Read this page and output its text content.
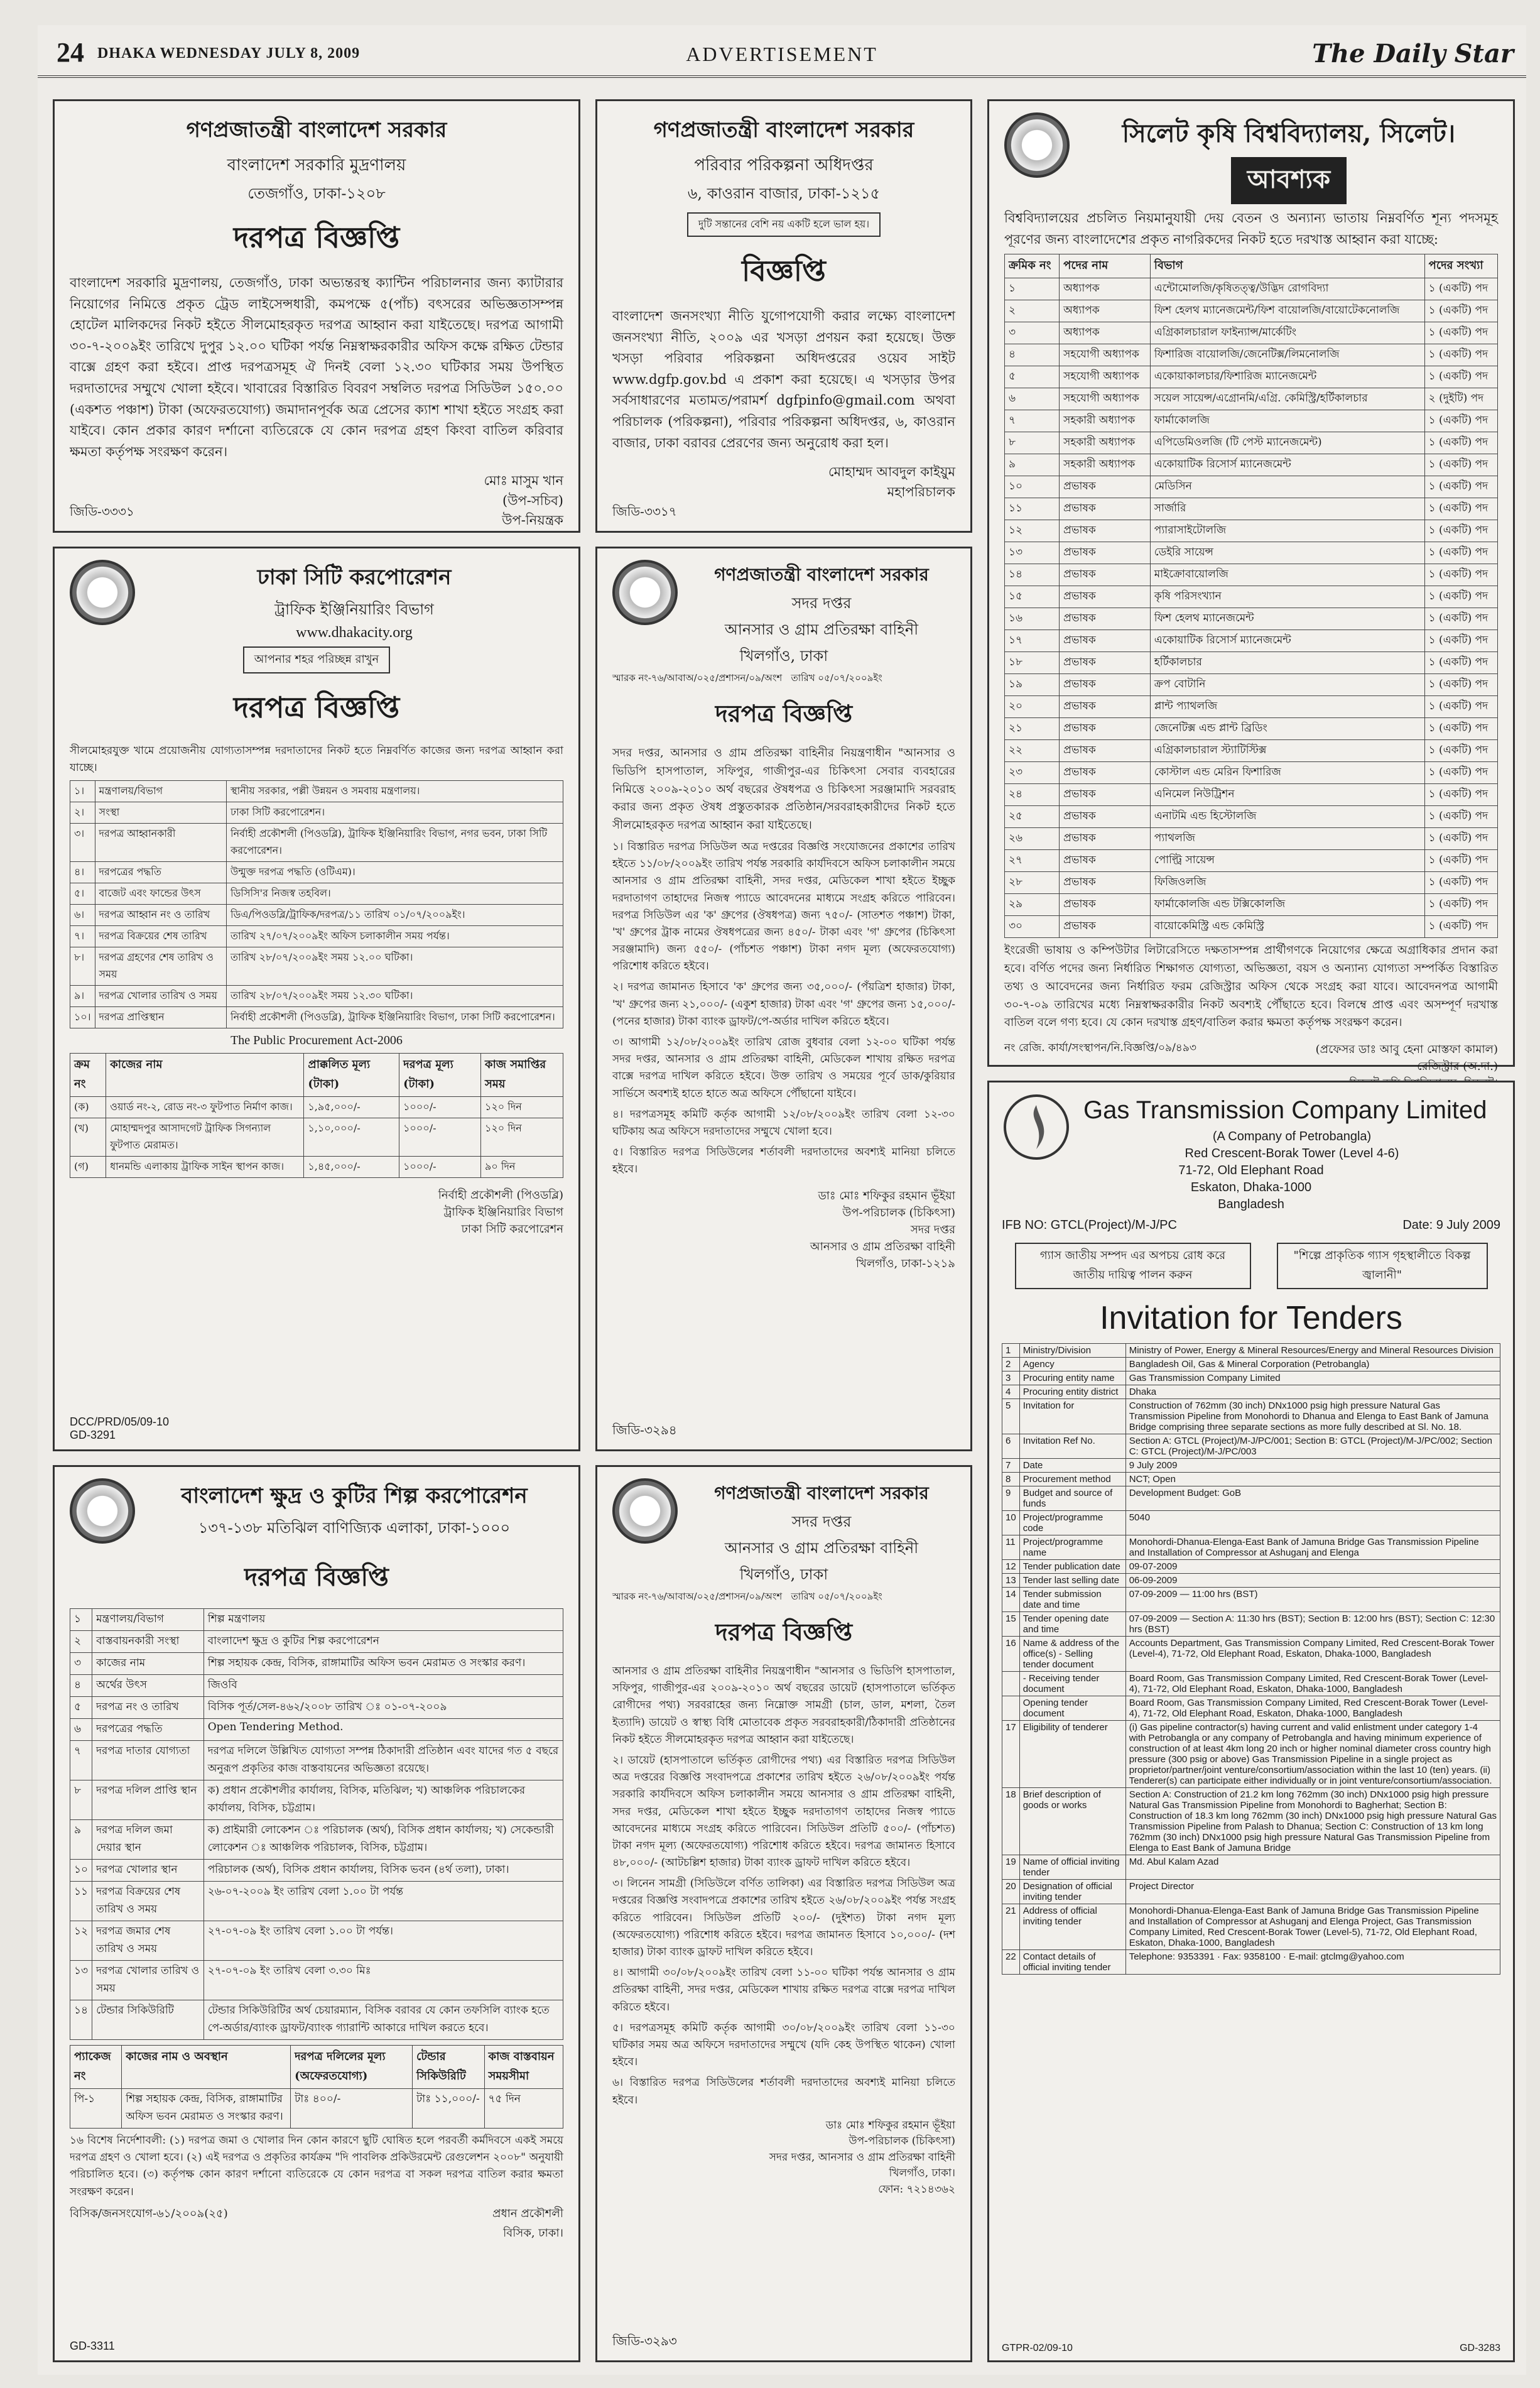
24 DHAKA WEDNESDAY JULY 8, 2009	ADVERTISEMENT	The Daily Star
গণপ্রজাতন্ত্রী বাংলাদেশ সরকার
বাংলাদেশ সরকারি মুদ্রণালয়
তেজগাঁও, ঢাকা-১২০৮
দরপত্র বিজ্ঞপ্তি

বাংলাদেশ সরকারি মুদ্রণালয়, তেজগাঁও, ঢাকা অভ্যন্তরস্থ ক্যান্টিন পরিচালনার জন্য ক্যাটারার নিয়োগের নিমিত্তে প্রকৃত ট্রেড লাইসেন্সধারী, কমপক্ষে ৫(পাঁচ) বৎসরের অভিজ্ঞতাসম্পন্ন হোটেল মালিকদের নিকট হইতে সীলমোহরকৃত দরপত্র আহ্বান করা যাইতেছে। দরপত্র আগামী ৩০-৭-২০০৯ইং তারিখে দুপুর ১২.০০ ঘটিকা পর্যন্ত নিম্নস্বাক্ষরকারীর অফিস কক্ষে রক্ষিত টেন্ডার বাক্সে গ্রহণ করা হইবে। প্রাপ্ত দরপত্রসমূহ ঐ দিনই বেলা ১২.৩০ ঘটিকার সময় উপস্থিত দরদাতাদের সম্মুখে খোলা হইবে। খাবারের বিস্তারিত বিবরণ সম্বলিত দরপত্র সিডিউল ১৫০.০০ (একশত পঞ্চাশ) টাকা (অফেরতযোগ্য) জমাদানপূর্বক অত্র প্রেসের ক্যাশ শাখা হইতে সংগ্রহ করা যাইবে। কোন প্রকার কারণ দর্শানো ব্যতিরেকে যে কোন দরপত্র গ্রহণ কিংবা বাতিল করিবার ক্ষমতা কর্তৃপক্ষ সংরক্ষণ করেন।

মোঃ মাসুম খান
(উপ-সচিব)
উপ-নিয়ন্ত্রক
জিডি-৩৩৩১
গণপ্রজাতন্ত্রী বাংলাদেশ সরকার
পরিবার পরিকল্পনা অধিদপ্তর
৬, কাওরান বাজার, ঢাকা-১২১৫
দুটি সন্তানের বেশি নয় একটি হলে ভাল হয়।
বিজ্ঞপ্তি

বাংলাদেশ জনসংখ্যা নীতি যুগোপযোগী করার লক্ষ্যে বাংলাদেশ জনসংখ্যা নীতি, ২০০৯ এর খসড়া প্রণয়ন করা হয়েছে। উক্ত খসড়া পরিবার পরিকল্পনা অধিদপ্তরের ওয়েব সাইট www.dgfp.gov.bd এ প্রকাশ করা হয়েছে। এ খসড়ার উপর সর্বসাধারণের মতামত/পরামর্শ dgfpinfo@gmail.com অথবা পরিচালক (পরিকল্পনা), পরিবার পরিকল্পনা অধিদপ্তর, ৬, কাওরান বাজার, ঢাকা বরাবর প্রেরণের জন্য অনুরোধ করা হল।

মোহাম্মদ আবদুল কাইয়ুম
মহাপরিচালক
জিডি-৩৩১৭
সিলেট কৃষি বিশ্ববিদ্যালয়, সিলেট।
আবশ্যক

বিশ্ববিদ্যালয়ের প্রচলিত নিয়মানুযায়ী দেয় বেতন ও অন্যান্য ভাতায় নিম্নবর্ণিত শূন্য পদসমূহ পূরণের জন্য বাংলাদেশের প্রকৃত নাগরিকদের নিকট হতে দরখাস্ত আহ্বান করা যাচ্ছে:

ক্রমিক নং	পদের নাম	বিভাগ	পদের সংখ্যা
১	অধ্যাপক	এন্টোমোলজি/কৃষিতত্ত্ব/উদ্ভিদ রোগবিদ্যা	১ (একটি) পদ
২	অধ্যাপক	ফিশ হেলথ ম্যানেজমেন্ট/ফিশ বায়োলজি/বায়োটেকনোলজি	১ (একটি) পদ
৩	অধ্যাপক	এগ্রিকালচারাল ফাইন্যান্স/মার্কেটিং	১ (একটি) পদ
৪	সহযোগী অধ্যাপক	ফিশারিজ বায়োলজি/জেনেটিক্স/লিমনোলজি	১ (একটি) পদ
৫	সহযোগী অধ্যাপক	একোয়াকালচার/ফিশারিজ ম্যানেজমেন্ট	১ (একটি) পদ
৬	সহযোগী অধ্যাপক	সয়েল সায়েন্স/এগ্রোনমি/এগ্রি. কেমিস্ট্রি/হর্টিকালচার	২ (দুইটি) পদ
৭	সহকারী অধ্যাপক	ফার্মাকোলজি	১ (একটি) পদ
৮	সহকারী অধ্যাপক	এপিডেমিওলজি (টি পেস্ট ম্যানেজমেন্ট)	১ (একটি) পদ
৯	সহকারী অধ্যাপক	একোয়াটিক রিসোর্স ম্যানেজমেন্ট	১ (একটি) পদ
১০	প্রভাষক	মেডিসিন	১ (একটি) পদ
১১	প্রভাষক	সার্জারি	১ (একটি) পদ
১২	প্রভাষক	প্যারাসাইটোলজি	১ (একটি) পদ
১৩	প্রভাষক	ডেইরি সায়েন্স	১ (একটি) পদ
১৪	প্রভাষক	মাইক্রোবায়োলজি	১ (একটি) পদ
১৫	প্রভাষক	কৃষি পরিসংখ্যান	১ (একটি) পদ
১৬	প্রভাষক	ফিশ হেলথ ম্যানেজমেন্ট	১ (একটি) পদ
১৭	প্রভাষক	একোয়াটিক রিসোর্স ম্যানেজমেন্ট	১ (একটি) পদ
১৮	প্রভাষক	হর্টিকালচার	১ (একটি) পদ
১৯	প্রভাষক	ক্রপ বোটানি	১ (একটি) পদ
২০	প্রভাষক	প্লান্ট প্যাথলজি	১ (একটি) পদ
২১	প্রভাষক	জেনেটিক্স এন্ড প্লান্ট ব্রিডিং	১ (একটি) পদ
২২	প্রভাষক	এগ্রিকালচারাল স্ট্যাটিস্টিক্স	১ (একটি) পদ
২৩	প্রভাষক	কোস্টাল এন্ড মেরিন ফিশারিজ	১ (একটি) পদ
২৪	প্রভাষক	এনিমেল নিউট্রিশন	১ (একটি) পদ
২৫	প্রভাষক	এনাটমি এন্ড হিস্টোলজি	১ (একটি) পদ
২৬	প্রভাষক	প্যাথলজি	১ (একটি) পদ
২৭	প্রভাষক	পোল্ট্রি সায়েন্স	১ (একটি) পদ
২৮	প্রভাষক	ফিজিওলজি	১ (একটি) পদ
২৯	প্রভাষক	ফার্মাকোলজি এন্ড টক্সিকোলজি	১ (একটি) পদ
৩০	প্রভাষক	বায়োকেমিস্ট্রি এন্ড কেমিস্ট্রি	১ (একটি) পদ

ইংরেজী ভাষায় ও কম্পিউটার লিটারেসিতে দক্ষতাসম্পন্ন প্রার্থীগণকে নিয়োগের ক্ষেত্রে অগ্রাধিকার প্রদান করা হবে। বর্ণিত পদের জন্য নির্ধারিত শিক্ষাগত যোগ্যতা, অভিজ্ঞতা, বয়স ও অন্যান্য যোগ্যতা সম্পর্কিত বিস্তারিত তথ্য ও আবেদনের জন্য নির্ধারিত ফরম রেজিস্ট্রার অফিস থেকে সংগ্রহ করা যাবে। আবেদনপত্র আগামী ৩০-৭-০৯ তারিখের মধ্যে নিম্নস্বাক্ষরকারীর নিকট অবশ্যই পৌঁছাতে হবে। বিলম্বে প্রাপ্ত এবং অসম্পূর্ণ দরখাস্ত বাতিল বলে গণ্য হবে। যে কোন দরখাস্ত গ্রহণ/বাতিল করার ক্ষমতা কর্তৃপক্ষ সংরক্ষণ করেন।

(প্রফেসর ডাঃ আবু হেনা মোস্তফা কামাল)
রেজিস্ট্রার (অ.দা.)
নং রেজি. কার্যা/সংস্থাপন/নি.বিজ্ঞপ্তি/০৯/৪৯৩
ঢাকা সিটি করপোরেশন
ট্রাফিক ইঞ্জিনিয়ারিং বিভাগ
www.dhakacity.org
আপনার শহর পরিচ্ছন্ন রাখুন
দরপত্র বিজ্ঞপ্তি

সীলমোহরযুক্ত খামে প্রয়োজনীয় যোগ্যতাসম্পন্ন দরদাতাদের নিকট হতে নিম্নবর্ণিত কাজের জন্য দরপত্র আহ্বান করা যাচ্ছে।

১।	মন্ত্রণালয়/বিভাগ	স্থানীয় সরকার, পল্লী উন্নয়ন ও সমবায় মন্ত্রণালয়।
২।	সংস্থা	ঢাকা সিটি করপোরেশন।
৩।	দরপত্র আহ্বানকারী	নির্বাহী প্রকৌশলী (পিওডব্লি), ট্রাফিক ইঞ্জিনিয়ারিং বিভাগ, নগর ভবন, ঢাকা সিটি করপোরেশন।
৪।	দরপত্রের পদ্ধতি	উন্মুক্ত দরপত্র পদ্ধতি (ওটিএম)।
৫।	বাজেট এবং ফান্ডের উৎস	ডিসিসি'র নিজস্ব তহবিল।
৬।	দরপত্র আহ্বান নং ও তারিখ	ডিএ/পিওডব্লি/ট্রাফিক/দরপত্র/১১ তারিখ ০১/০৭/২০০৯ইং।
৭।	দরপত্র বিক্রয়ের শেষ তারিখ	তারিখ ২৭/০৭/২০০৯ইং অফিস চলাকালীন সময় পর্যন্ত।
৮।	দরপত্র গ্রহণের শেষ তারিখ ও সময়	তারিখ ২৮/০৭/২০০৯ইং সময় ১২.০০ ঘটিকা।
৯।	দরপত্র খোলার তারিখ ও সময়	তারিখ ২৮/০৭/২০০৯ইং সময় ১২.৩০ ঘটিকা।
১০।	দরপত্র প্রাপ্তিস্থান	নির্বাহী প্রকৌশলী (পিওডব্লি), ট্রাফিক ইঞ্জিনিয়ারিং বিভাগ, ঢাকা সিটি করপোরেশন।
The Public Procurement Act-2006
ক্রম নং	কাজের নাম	প্রাক্কলিত মূল্য (টাকা)	দরপত্র মূল্য (টাকা)	কাজ সমাপ্তির সময়
(ক)	ওয়ার্ড নং-২, রোড নং-৩ ফুটপাত নির্মাণ কাজ।	১,৯৫,০০০/-	১০০০/-	১২০ দিন
(খ)	মোহাম্মদপুর আসাদগেট ট্রাফিক সিগন্যাল ফুটপাত মেরামত।	১,১০,০০০/-	১০০০/-	১২০ দিন
(গ)	ধানমন্ডি এলাকায় ট্রাফিক সাইন স্থাপন কাজ।	১,৪৫,০০০/-	১০০০/-	৯০ দিন
নির্বাহী প্রকৌশলী (পিওডব্লি)
ট্রাফিক ইঞ্জিনিয়ারিং বিভাগ
ঢাকা সিটি করপোরেশন
DCC/PRD/05/09-10
GD-3291
গণপ্রজাতন্ত্রী বাংলাদেশ সরকার
সদর দপ্তর
আনসার ও গ্রাম প্রতিরক্ষা বাহিনী
খিলগাঁও, ঢাকা
স্মারক নং-৭৬/আবাঅ/০২৫/প্রশাসন/০৯/অংশ তারিখ ০৫/০৭/২০০৯ইং
দরপত্র বিজ্ঞপ্তি

সদর দপ্তর, আনসার ও গ্রাম প্রতিরক্ষা বাহিনীর নিয়ন্ত্রণাধীন "আনসার ও ভিডিপি হাসপাতাল, সফিপুর, গাজীপুর-এর চিকিৎসা সেবার ব্যবহারের নিমিত্তে ২০০৯-২০১০ অর্থ বছরের ঔষধপত্র ও চিকিৎসা সরঞ্জামাদি সরবরাহ করার জন্য প্রকৃত ঔষধ প্রস্তুতকারক প্রতিষ্ঠান/সরবরাহকারীদের নিকট হতে সীলমোহরকৃত দরপত্র আহ্বান করা যাইতেছে।

১। বিস্তারিত দরপত্র সিডিউল অত্র দপ্তরের বিজ্ঞপ্তি সংযোজনের প্রকাশের তারিখ হইতে ১১/০৮/২০০৯ইং তারিখ পর্যন্ত সরকারি কার্যদিবসে অফিস চলাকালীন সময়ে আনসার ও গ্রাম প্রতিরক্ষা বাহিনী, সদর দপ্তর, মেডিকেল শাখা হইতে ইচ্ছুক দরদাতাগণ তাহাদের নিজস্ব প্যাডে আবেদনের মাধ্যমে সংগ্রহ করিতে পারিবেন। দরপত্র সিডিউল এর 'ক' গ্রুপের (ঔষধপত্র) জন্য ৭৫০/- (সাতশত পঞ্চাশ) টাকা, 'খ' গ্রুপের ট্রাক নামের ঔষধপত্রের জন্য ৪৫০/- টাকা এবং 'গ' গ্রুপের (চিকিৎসা সরঞ্জামাদি) জন্য ৫৫০/- (পাঁচশত পঞ্চাশ) টাকা নগদ মূল্য (অফেরতযোগ্য) পরিশোধ করিতে হইবে।

২। দরপত্র জামানত হিসাবে 'ক' গ্রুপের জন্য ৩৫,০০০/- (পঁয়ত্রিশ হাজার) টাকা, 'খ' গ্রুপের জন্য ২১,০০০/- (একুশ হাজার) টাকা এবং 'গ' গ্রুপের জন্য ১৫,০০০/- (পনের হাজার) টাকা ব্যাংক ড্রাফট/পে-অর্ডার দাখিল করিতে হইবে।

৩। আগামী ১২/০৮/২০০৯ইং তারিখ রোজ বুধবার বেলা ১২-০০ ঘটিকা পর্যন্ত সদর দপ্তর, আনসার ও গ্রাম প্রতিরক্ষা বাহিনী, মেডিকেল শাখায় রক্ষিত দরপত্র বাক্সে দরপত্র দাখিল করিতে হইবে। উক্ত তারিখ ও সময়ের পূর্বে ডাক/কুরিয়ার সার্ভিসে অবশ্যই হাতে হাতে অত্র অফিসে পৌঁছানো যাইবে।

৪। দরপত্রসমূহ কমিটি কর্তৃক আগামী ১২/০৮/২০০৯ইং তারিখ বেলা ১২-৩০ ঘটিকায় অত্র অফিসে দরদাতাদের সম্মুখে খোলা হবে।

৫। বিস্তারিত দরপত্র সিডিউলের শর্তাবলী দরদাতাদের অবশ্যই মানিয়া চলিতে হইবে।

ডাঃ মোঃ শফিকুর রহমান ভূঁইয়া
উপ-পরিচালক (চিকিৎসা)
সদর দপ্তর
আনসার ও গ্রাম প্রতিরক্ষা বাহিনী
খিলগাঁও, ঢাকা-১২১৯
জিডি-৩২৯৪
Gas Transmission Company Limited
(A Company of Petrobangla)
Red Crescent-Borak Tower (Level 4-6)
71-72, Old Elephant Road
Eskaton, Dhaka-1000
Bangladesh
IFB NO: GTCL(Project)/M-J/PC	Date: 9 July 2009
গ্যাস জাতীয় সম্পদ এর অপচয় রোধ করে জাতীয় দায়িত্ব পালন করুন
"শিল্পে প্রাকৃতিক গ্যাস গৃহস্থালীতে বিকল্প জ্বালানী"
Invitation for Tenders
1	Ministry/Division	Ministry of Power, Energy & Mineral Resources/Energy and Mineral Resources Division
2	Agency	Bangladesh Oil, Gas & Mineral Corporation (Petrobangla)
3	Procuring entity name	Gas Transmission Company Limited
4	Procuring entity district	Dhaka
5	Invitation for	Construction of 762mm (30 inch) DNx1000 psig high pressure Natural Gas Transmission Pipeline from Monohordi to Dhanua and Elenga to East Bank of Jamuna Bridge comprising three separate sections as more fully described at Sl. No. 18.
6	Invitation Ref No.	Section A: GTCL (Project)/M-J/PC/001; Section B: GTCL (Project)/M-J/PC/002; Section C: GTCL (Project)/M-J/PC/003
7	Date	9 July 2009
8	Procurement method	NCT; Open
9	Budget and source of funds	Development Budget: GoB
10	Project/programme code	5040
11	Project/programme name	Monohordi-Dhanua-Elenga-East Bank of Jamuna Bridge Gas Transmission Pipeline and Installation of Compressor at Ashuganj and Elenga
12	Tender publication date	09-07-2009
13	Tender last selling date	06-09-2009
14	Tender submission date and time	07-09-2009 — 11:00 hrs (BST)
15	Tender opening date and time	07-09-2009 — Section A: 11:30 hrs (BST); Section B: 12:00 hrs (BST); Section C: 12:30 hrs (BST)
16	Name & address of the office(s) - Selling tender document	Accounts Department, Gas Transmission Company Limited, Red Crescent-Borak Tower (Level-4), 71-72, Old Elephant Road, Eskaton, Dhaka-1000, Bangladesh
	- Receiving tender document	Board Room, Gas Transmission Company Limited, Red Crescent-Borak Tower (Level-4), 71-72, Old Elephant Road, Eskaton, Dhaka-1000, Bangladesh
	Opening tender document	Board Room, Gas Transmission Company Limited, Red Crescent-Borak Tower (Level-4), 71-72, Old Elephant Road, Eskaton, Dhaka-1000, Bangladesh
17	Eligibility of tenderer	(i) Gas pipeline contractor(s) having current and valid enlistment under category 1-4 with Petrobangla or any company of Petrobangla and having minimum experience of construction of at least 4km long 20 inch or higher nominal diameter cross country high pressure (300 psig or above) Gas Transmission Pipeline in a single project as proprietor/partner/joint venture/consortium/association within the last 10 (ten) years. (ii) Tenderer(s) can participate either individually or in joint venture/consortium/association.
18	Brief description of goods or works	Section A: Construction of 21.2 km long 762mm (30 inch) DNx1000 psig high pressure Natural Gas Transmission Pipeline from Monohordi to Bagherhat; Section B: Construction of 18.3 km long 762mm (30 inch) DNx1000 psig high pressure Natural Gas Transmission Pipeline from Palash to Dhanua; Section C: Construction of 13 km long 762mm (30 inch) DNx1000 psig high pressure Natural Gas Transmission Pipeline from Elenga to East Bank of Jamuna Bridge
19	Name of official inviting tender	Md. Abul Kalam Azad
20	Designation of official inviting tender	Project Director
21	Address of official inviting tender	Monohordi-Dhanua-Elenga-East Bank of Jamuna Bridge Gas Transmission Pipeline and Installation of Compressor at Ashuganj and Elenga Project, Gas Transmission Company Limited, Red Crescent-Borak Tower (Level-5), 71-72, Old Elephant Road, Eskaton, Dhaka-1000, Bangladesh
22	Contact details of official inviting tender	Telephone: 9353391 · Fax: 9358100 · E-mail: gtclmg@yahoo.com
GTPR-02/09-10	GD-3283
বাংলাদেশ ক্ষুদ্র ও কুটির শিল্প করপোরেশন
১৩৭-১৩৮ মতিঝিল বাণিজ্যিক এলাকা, ঢাকা-১০০০
দরপত্র বিজ্ঞপ্তি
১	মন্ত্রণালয়/বিভাগ	শিল্প মন্ত্রণালয়
২	বাস্তবায়নকারী সংস্থা	বাংলাদেশ ক্ষুদ্র ও কুটির শিল্প করপোরেশন
৩	কাজের নাম	শিল্প সহায়ক কেন্দ্র, বিসিক, রাঙ্গামাটির অফিস ভবন মেরামত ও সংস্কার করণ।
৪	অর্থের উৎস	জিওবি
৫	দরপত্র নং ও তারিখ	বিসিক পূর্ত/সেল-৪৬২/২০০৮ তারিখ ঃ ০১-০৭-২০০৯
৬	দরপত্রের পদ্ধতি	Open Tendering Method.
৭	দরপত্র দাতার যোগ্যতা	দরপত্র দলিলে উল্লিখিত যোগ্যতা সম্পন্ন ঠিকাদারী প্রতিষ্ঠান এবং যাদের গত ৫ বছরে অনুরূপ প্রকৃতির কাজ বাস্তবায়নের অভিজ্ঞতা রয়েছে।
৮	দরপত্র দলিল প্রাপ্তি স্থান	ক) প্রধান প্রকৌশলীর কার্যালয়, বিসিক, মতিঝিল; খ) আঞ্চলিক পরিচালকের কার্যালয়, বিসিক, চট্টগ্রাম।
৯	দরপত্র দলিল জমা দেয়ার স্থান	ক) প্রাইমারী লোকেশন ঃ পরিচালক (অর্থ), বিসিক প্রধান কার্যালয়; খ) সেকেন্ডারী লোকেশন ঃ আঞ্চলিক পরিচালক, বিসিক, চট্টগ্রাম।
১০	দরপত্র খোলার স্থান	পরিচালক (অর্থ), বিসিক প্রধান কার্যালয়, বিসিক ভবন (৪র্থ তলা), ঢাকা।
১১	দরপত্র বিক্রয়ের শেষ তারিখ ও সময়	২৬-০৭-২০০৯ ইং তারিখ বেলা ১.০০ টা পর্যন্ত
১২	দরপত্র জমার শেষ তারিখ ও সময়	২৭-০৭-০৯ ইং তারিখ বেলা ১.০০ টা পর্যন্ত।
১৩	দরপত্র খোলার তারিখ ও সময়	২৭-০৭-০৯ ইং তারিখ বেলা ৩.৩০ মিঃ
১৪	টেন্ডার সিকিউরিটি	টেন্ডার সিকিউরিটির অর্থ চেয়ারম্যান, বিসিক বরাবর যে কোন তফসিলি ব্যাংক হতে পে-অর্ডার/ব্যাংক ড্রাফট/ব্যাংক গ্যারান্টি আকারে দাখিল করতে হবে।
প্যাকেজ নং	কাজের নাম ও অবস্থান	দরপত্র দলিলের মূল্য (অফেরতযোগ্য)	টেন্ডার সিকিউরিটি	কাজ বাস্তবায়ন সময়সীমা
পি-১	শিল্প সহায়ক কেন্দ্র, বিসিক, রাঙ্গামাটির অফিস ভবন মেরামত ও সংস্কার করণ।	টাঃ ৪০০/-	টাঃ ১১,০০০/-	৭৫ দিন

১৬ বিশেষ নির্দেশাবলী: (১) দরপত্র জমা ও খোলার দিন কোন কারণে ছুটি ঘোষিত হলে পরবর্তী কর্মদিবসে একই সময়ে দরপত্র গ্রহণ ও খোলা হবে। (২) এই দরপত্র ও প্রকৃতির কার্যক্রম "দি পাবলিক প্রকিউরমেন্ট রেগুলেশন ২০০৮" অনুযায়ী পরিচালিত হবে। (৩) কর্তৃপক্ষ কোন কারণ দর্শানো ব্যতিরেকে যে কোন দরপত্র বা সকল দরপত্র বাতিল করার ক্ষমতা সংরক্ষণ করেন।

বিসিক/জনসংযোগ-৬১/২০০৯(২৫)	প্রধান প্রকৌশলী
বিসিক, ঢাকা।
GD-3311
গণপ্রজাতন্ত্রী বাংলাদেশ সরকার
সদর দপ্তর
আনসার ও গ্রাম প্রতিরক্ষা বাহিনী
খিলগাঁও, ঢাকা
স্মারক নং-৭৬/আবাঅ/০২৫/প্রশাসন/০৯/অংশ তারিখ ০৫/০৭/২০০৯ইং
দরপত্র বিজ্ঞপ্তি

আনসার ও গ্রাম প্রতিরক্ষা বাহিনীর নিয়ন্ত্রণাধীন "আনসার ও ভিডিপি হাসপাতাল, সফিপুর, গাজীপুর-এর ২০০৯-২০১০ অর্থ বছরের ডায়েট (হাসপাতালে ভর্তিকৃত রোগীদের পথ্য) সরবরাহের জন্য নিম্নোক্ত সামগ্রী (চাল, ডাল, মশলা, তৈল ইত্যাদি) ডায়েট ও স্বাস্থ্য বিধি মোতাবেক প্রকৃত সরবরাহকারী/ঠিকাদারী প্রতিষ্ঠানের নিকট হইতে সীলমোহরকৃত দরপত্র আহ্বান করা যাইতেছে।

২। ডায়েট (হাসপাতালে ভর্তিকৃত রোগীদের পথ্য) এর বিস্তারিত দরপত্র সিডিউল অত্র দপ্তরের বিজ্ঞপ্তি সংবাদপত্রে প্রকাশের তারিখ হইতে ২৬/০৮/২০০৯ইং পর্যন্ত সরকারি কার্যদিবসে অফিস চলাকালীন সময়ে আনসার ও গ্রাম প্রতিরক্ষা বাহিনী, সদর দপ্তর, মেডিকেল শাখা হইতে ইচ্ছুক দরদাতাগণ তাহাদের নিজস্ব প্যাডে আবেদনের মাধ্যমে সংগ্রহ করিতে পারিবেন। সিডিউল প্রতিটি ৫০০/- (পাঁচশত) টাকা নগদ মূল্য (অফেরতযোগ্য) পরিশোধ করিতে হইবে। দরপত্র জামানত হিসাবে ৪৮,০০০/- (আটচল্লিশ হাজার) টাকা ব্যাংক ড্রাফট দাখিল করিতে হইবে।

৩। লিনেন সামগ্রী (সিডিউলে বর্ণিত তালিকা) এর বিস্তারিত দরপত্র সিডিউল অত্র দপ্তরের বিজ্ঞপ্তি সংবাদপত্রে প্রকাশের তারিখ হইতে ২৬/০৮/২০০৯ইং পর্যন্ত সংগ্রহ করিতে পারিবেন। সিডিউল প্রতিটি ২০০/- (দুইশত) টাকা নগদ মূল্য (অফেরতযোগ্য) পরিশোধ করিতে হইবে। দরপত্র জামানত হিসাবে ১০,০০০/- (দশ হাজার) টাকা ব্যাংক ড্রাফট দাখিল করিতে হইবে।

৪। আগামী ৩০/০৮/২০০৯ইং তারিখ বেলা ১১-০০ ঘটিকা পর্যন্ত আনসার ও গ্রাম প্রতিরক্ষা বাহিনী, সদর দপ্তর, মেডিকেল শাখায় রক্ষিত দরপত্র বাক্সে দরপত্র দাখিল করিতে হইবে।

৫। দরপত্রসমূহ কমিটি কর্তৃক আগামী ৩০/০৮/২০০৯ইং তারিখ বেলা ১১-৩০ ঘটিকার সময় অত্র অফিসে দরদাতাদের সম্মুখে (যদি কেহ উপস্থিত থাকেন) খোলা হইবে।

৬। বিস্তারিত দরপত্র সিডিউলের শর্তাবলী দরদাতাদের অবশ্যই মানিয়া চলিতে হইবে।

ডাঃ মোঃ শফিকুর রহমান ভূঁইয়া
উপ-পরিচালক (চিকিৎসা)
সদর দপ্তর, আনসার ও গ্রাম প্রতিরক্ষা বাহিনী
খিলগাঁও, ঢাকা।
ফোন: ৭২১৪৩৬২
জিডি-৩২৯৩
